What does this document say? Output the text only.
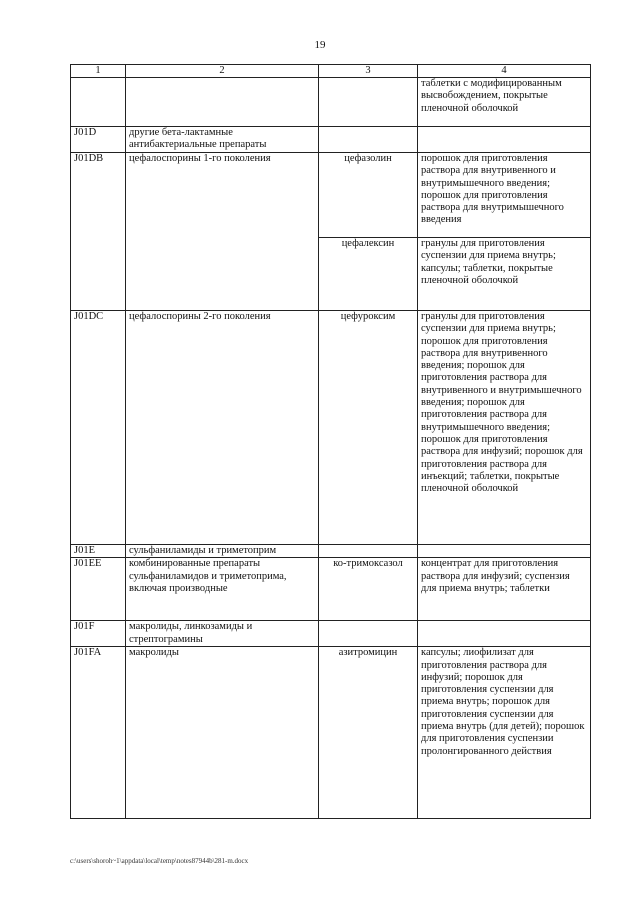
19
1	2	3	4
			таблетки с модифицированным высвобождением, покрытые пленочной оболочкой
J01D	другие бета-лактамные антибактериальные препараты		
J01DB	цефалоспорины 1-го поколения	цефазолин	порошок для приготовления раствора для внутривенного и внутримышечного введения; порошок для приготовления раствора для внутримышечного введения
		цефалексин	гранулы для приготовления суспензии для приема внутрь; капсулы; таблетки, покрытые пленочной оболочкой
J01DC	цефалоспорины 2-го поколения	цефуроксим	гранулы для приготовления суспензии для приема внутрь; порошок для приготовления раствора для внутривенного введения; порошок для приготовления раствора для внутривенного и внутримышечного введения; порошок для приготовления раствора для внутримышечного введения; порошок для приготовления раствора для инфузий; порошок для приготовления раствора для инъекций; таблетки, покрытые пленочной оболочкой
J01E	сульфаниламиды и триметоприм		
J01EE	комбинированные препараты сульфаниламидов и триметоприма, включая производные	ко-тримоксазол	концентрат для приготовления раствора для инфузий; суспензия для приема внутрь; таблетки
J01F	макролиды, линкозамиды и стрептограмины		
J01FA	макролиды	азитромицин	капсулы; лиофилизат для приготовления раствора для инфузий; порошок для приготовления суспензии для приема внутрь; порошок для приготовления суспензии для приема внутрь (для детей); порошок для приготовления суспензии пролонгированного действия
c:\users\shoroh~1\appdata\local\temp\notes87944b\281-m.docx
